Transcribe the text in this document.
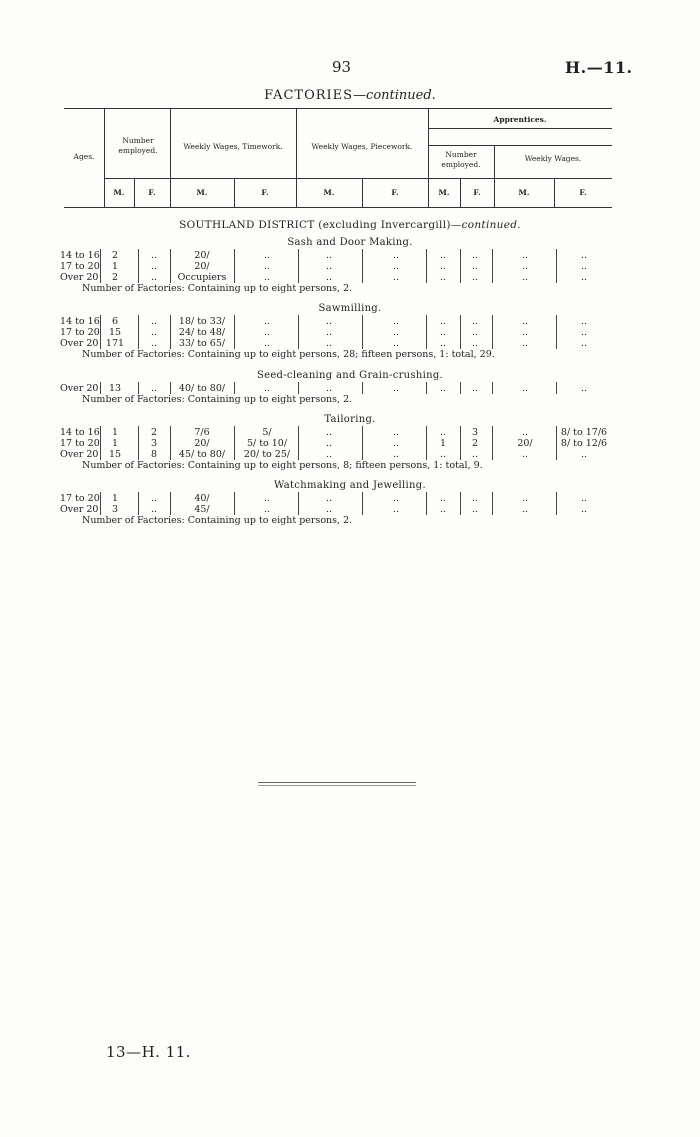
93	H.—11.
FACTORIES—continued.
Ages.
Number employed.	Weekly Wages, Timework.	Weekly Wages, Piecework.
Apprentices.
Number employed.
Weekly Wages.
M.	F.	M.	F.	M.	F.	M.	F.	M.	F.
SOUTHLAND DISTRICT (excluding Invercargill)—continued.
Sash and Door Making.
14 to 16	2	..	20/	..	..	..	..	..	..	..
17 to 20	1	..	20/	..	..	..	..	..	..	..
Over 20	2	..	Occupiers	..	..	..	..	..	..	..
Number of Factories: Containing up to eight persons, 2.
Sawmilling.
14 to 16	6	..	18/ to 33/	..	..	..	..	..	..	..
17 to 20 15	..	24/ to 48/	..	..	..	..	..	..	..
Over 20 171	..	33/ to 65/	..	..	..	..	..	..	..
Number of Factories: Containing up to eight persons, 28; fifteen persons, 1: total, 29.
Seed-cleaning and Grain-crushing.
Over 20	13	..	40/ to 80/	..	..	..	..	..	..	..
Number of Factories: Containing up to eight persons, 2.
Tailoring.
14 to 16	1	2	7/6	5/	..	..	..	3	..	8/ to 17/6
17 to 20	1	3	20/	5/ to 10/	..	..	1	2	20/	8/ to 12/6
Over 20	15	8	45/ to 80/	20/ to 25/	..	..	..	..	..	..
Number of Factories: Containing up to eight persons, 8; fifteen persons, 1: total, 9.
Watchmaking and Jewelling.
17 to 20	1	..	40/	..	..	..	..	..	..	..
Over 20	3	..	45/	..	..	..	..	..	..	..
Number of Factories: Containing up to eight persons, 2.
13—H. 11.
